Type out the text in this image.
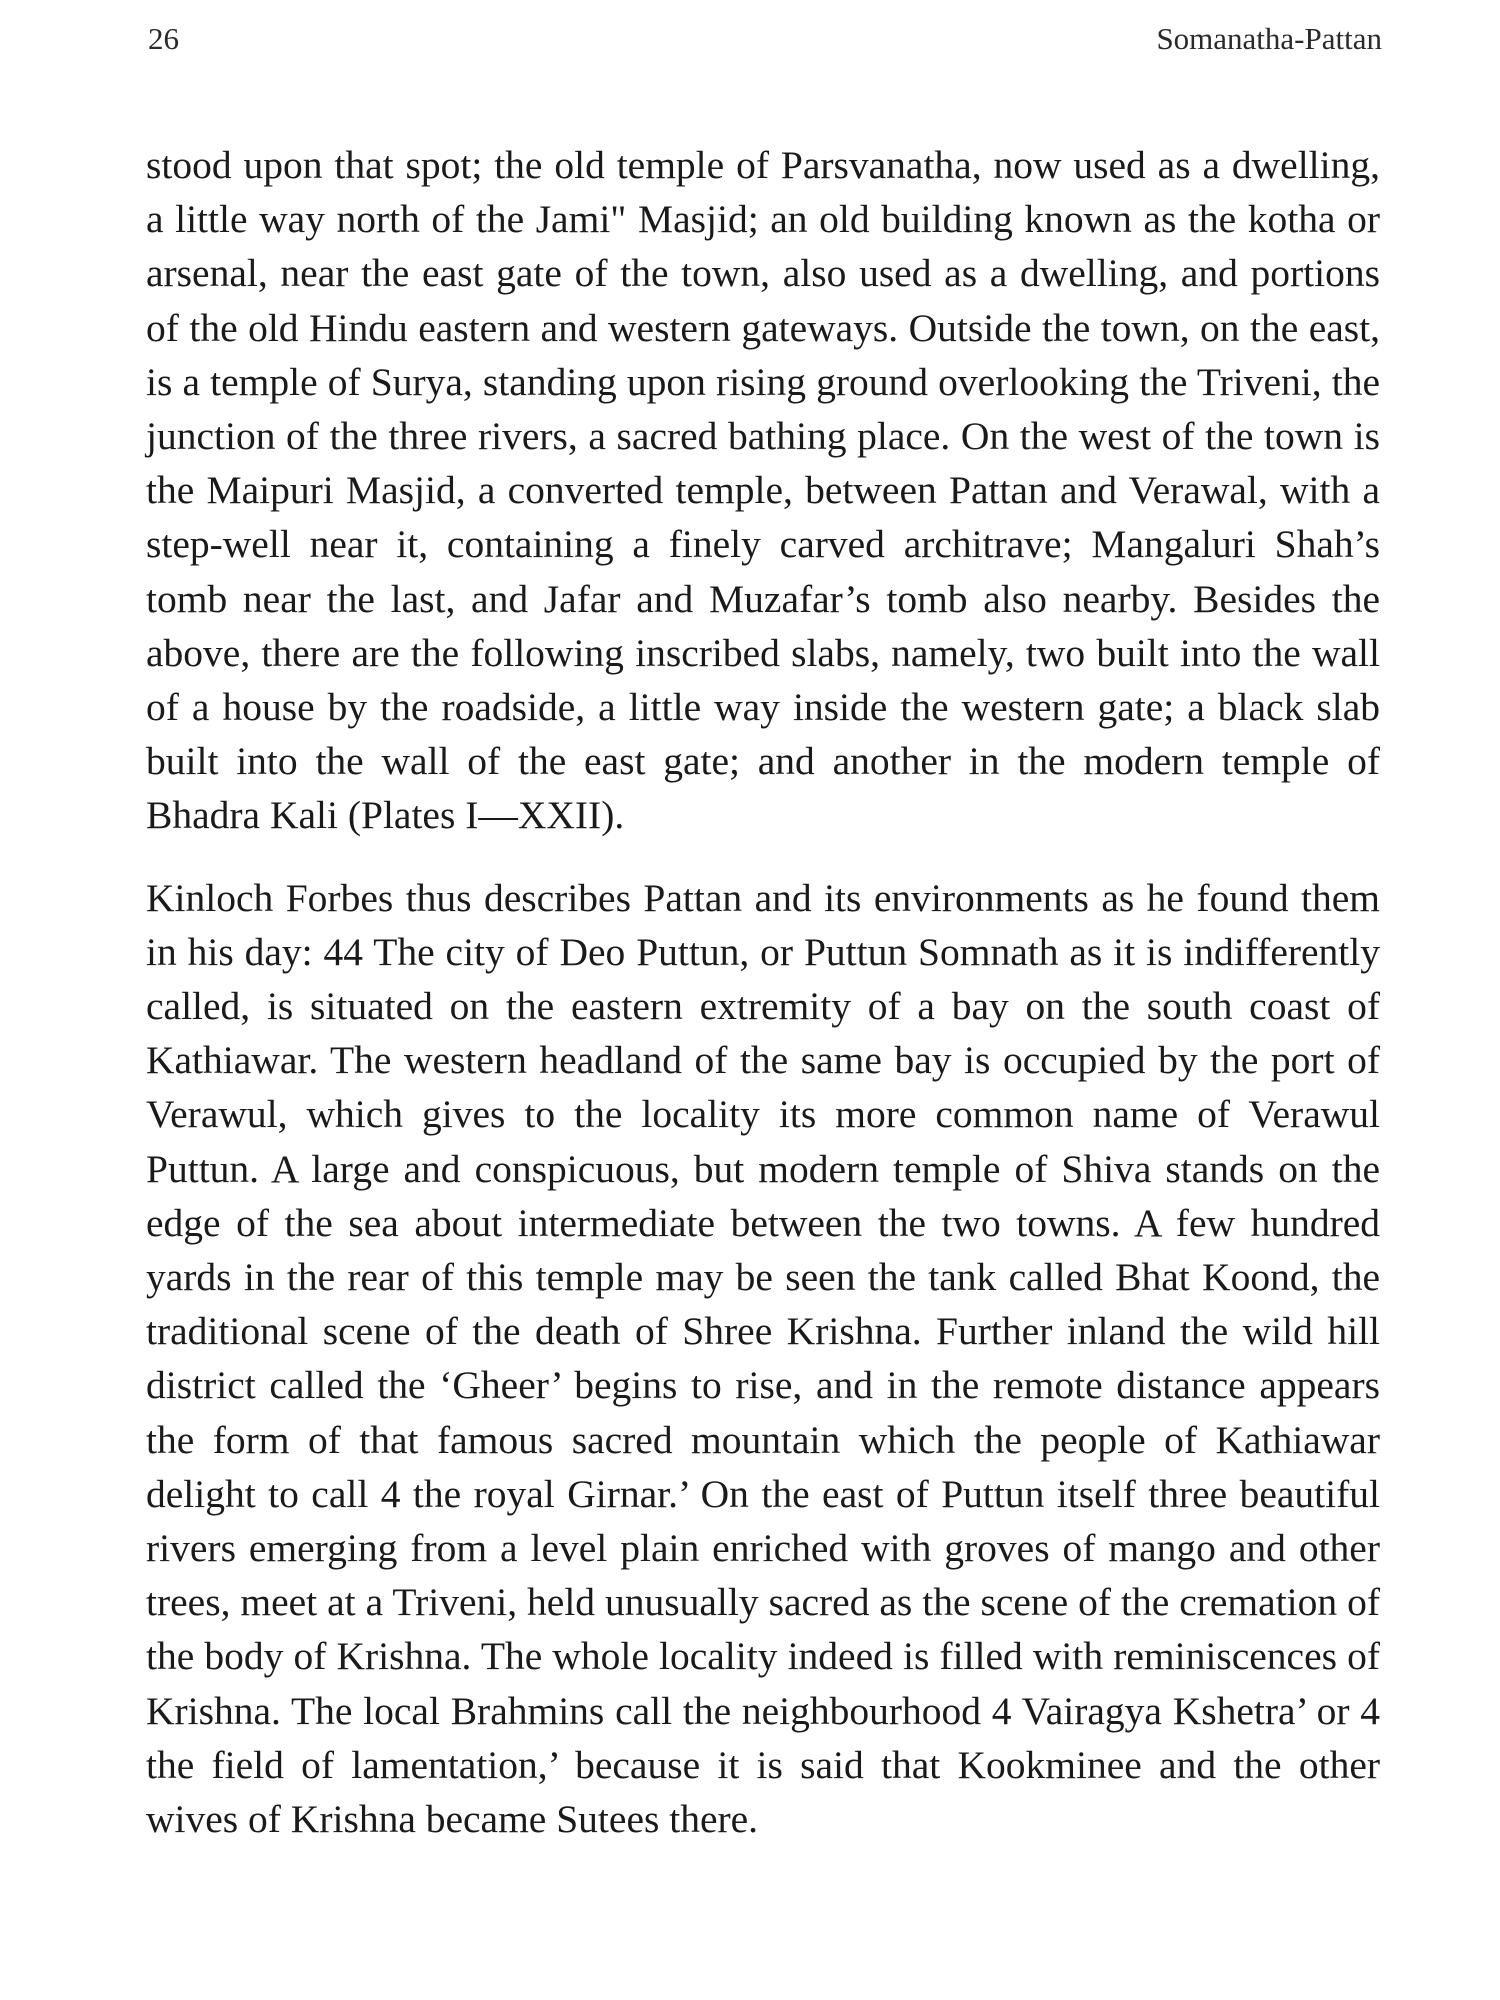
26	Somanatha-Pattan

stood upon that spot; the old temple of Parsvanatha, now used as a dwelling, a little way north of the Jami" Masjid; an old building known as the kotha or arsenal, near the east gate of the town, also used as a dwelling, and portions of the old Hindu eastern and western gateways. Outside the town, on the east, is a temple of Surya, standing upon rising ground overlooking the Triveni, the junction of the three rivers, a sacred bathing place. On the west of the town is the Maipuri Masjid, a converted temple, between Pattan and Verawal, with a step-well near it, containing a finely carved architrave; Mangaluri Shah’s tomb near the last, and Jafar and Muzafar’s tomb also nearby. Besides the above, there are the following inscribed slabs, namely, two built into the wall of a house by the roadside, a little way inside the western gate; a black slab built into the wall of the east gate; and another in the modern temple of Bhadra Kali (Plates I—XXII).

Kinloch Forbes thus describes Pattan and its environments as he found them in his day: 44 The city of Deo Puttun, or Puttun Somnath as it is indifferently called, is situated on the eastern extremity of a bay on the south coast of Kathiawar. The western headland of the same bay is occupied by the port of Verawul, which gives to the locality its more common name of Verawul Puttun. A large and conspicuous, but modern temple of Shiva stands on the edge of the sea about intermediate between the two towns. A few hundred yards in the rear of this temple may be seen the tank called Bhat Koond, the traditional scene of the death of Shree Krishna. Further inland the wild hill district called the ‘Gheer’ begins to rise, and in the remote distance appears the form of that famous sacred mountain which the people of Kathiawar delight to call 4 the royal Girnar.’ On the east of Puttun itself three beautiful rivers emerging from a level plain enriched with groves of mango and other trees, meet at a Triveni, held unusually sacred as the scene of the cremation of the body of Krishna. The whole locality indeed is filled with reminiscences of Krishna. The local Brahmins call the neighbourhood 4 Vairagya Kshetra’ or 4 the field of lamentation,’ because it is said that Kookminee and the other wives of Krishna became Sutees there.
